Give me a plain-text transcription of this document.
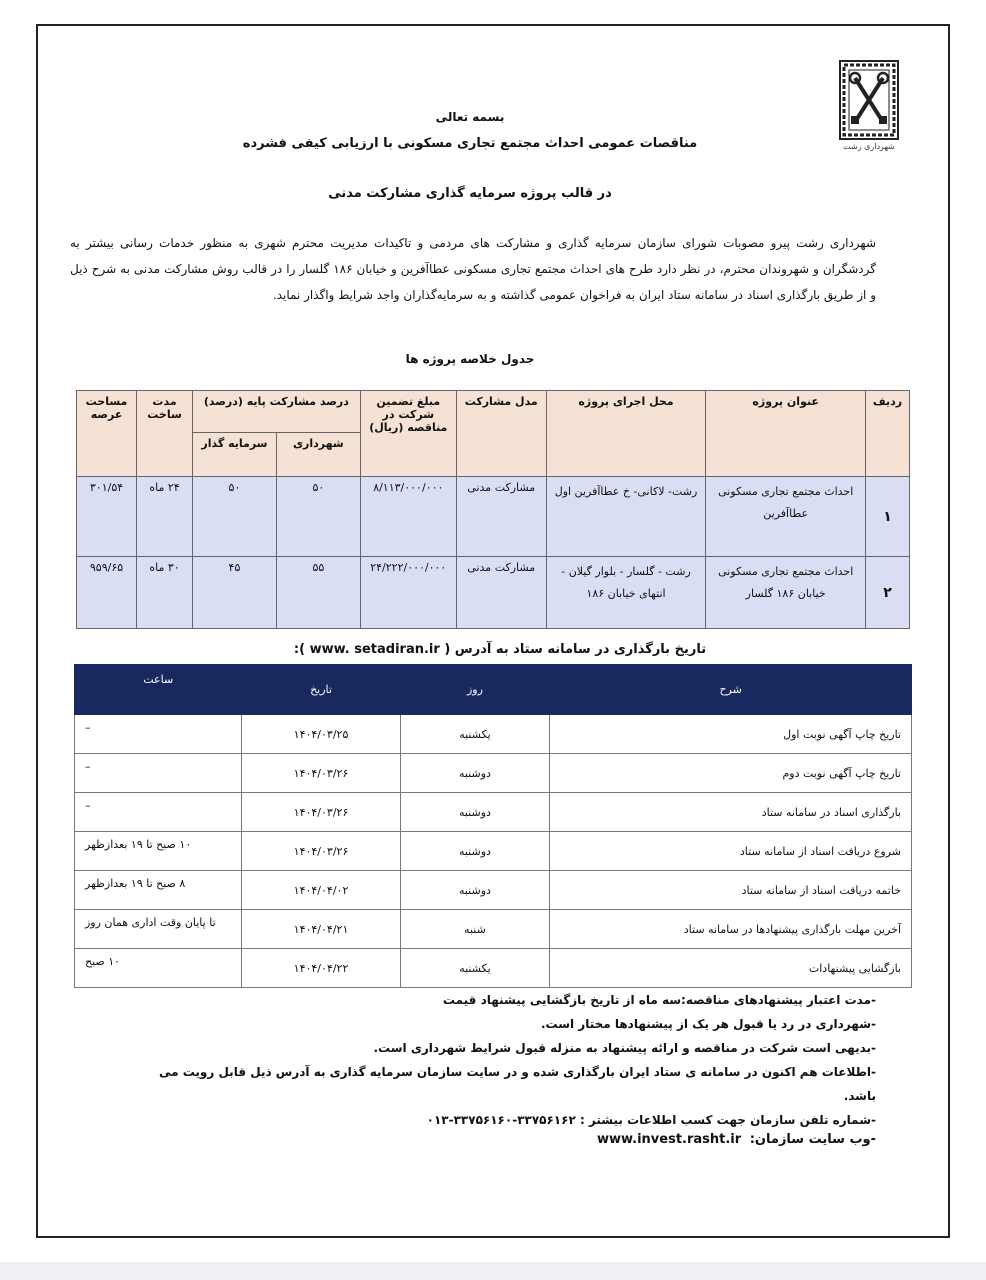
شهرداری رشت
بسمه تعالی
مناقصات عمومی احداث مجتمع تجاری مسکونی با ارزیابی کیفی فشرده
در قالب پروژه سرمایه گذاری مشارکت مدنی
شهرداری رشت پیرو مصوبات شورای سازمان سرمایه گذاری و مشارکت های مردمی و تاکیدات مدیریت محترم شهری به منظور خدمات رسانی بیشتر به گردشگران و شهروندان محترم، در نظر دارد طرح های احداث مجتمع تجاری مسکونی عطاآفرین و خیابان ۱۸۶ گلسار را در قالب روش مشارکت مدنی به شرح ذیل و از طریق بارگذاری اسناد در سامانه ستاد ایران به فراخوان عمومی گذاشته و به سرمایه‌گذاران واجد شرایط واگذار نماید.
جدول خلاصه پروژه ها
ردیف	عنوان پروژه	محل اجرای پروژه	مدل مشارکت	مبلغ تضمین شرکت در مناقصه (ریال)	درصد مشارکت پایه (درصد)		مدت ساخت	مساحت عرصه
					شهرداری	سرمایه گذار		
۱	احداث مجتمع تجاری مسکونی عطاآفرین	رشت- لاکانی- خ عطاآفرین اول	مشارکت مدنی	۸/۱۱۳/۰۰۰/۰۰۰	۵۰	۵۰	۲۴ ماه	۳۰۱/۵۴
۲	احداث مجتمع تجاری مسکونی خیابان ۱۸۶ گلسار	رشت - گلسار - بلوار گیلان - انتهای خیابان ۱۸۶	مشارکت مدنی	۲۴/۲۲۲/۰۰۰/۰۰۰	۵۵	۴۵	۳۰ ماه	۹۵۹/۶۵
تاریخ بارگذاری در سامانه ستاد به آدرس ( www. setadiran.ir ):
شرح	روز	تاریخ	ساعت
تاریخ چاپ آگهی نوبت اول	یکشنبه	۱۴۰۴/۰۳/۲۵	–
تاریخ چاپ آگهی نوبت دوم	دوشنبه	۱۴۰۴/۰۳/۲۶	–
بارگذاری اسناد در سامانه ستاد	دوشنبه	۱۴۰۴/۰۳/۲۶	–
شروع دریافت اسناد از سامانه ستاد	دوشنبه	۱۴۰۴/۰۳/۲۶	۱۰ صبح تا ۱۹ بعدازظهر
خاتمه دریافت اسناد از سامانه ستاد	دوشنبه	۱۴۰۴/۰۴/۰۲	۸ صبح تا ۱۹ بعدازظهر
آخرین مهلت بارگذاری پیشنهادها در سامانه ستاد	شنبه	۱۴۰۴/۰۴/۲۱	تا پایان وقت اداری همان روز
بازگشایی پیشنهادات	یکشنبه	۱۴۰۴/۰۴/۲۲	۱۰ صبح
-مدت اعتبار پیشنهادهای مناقصه:سه ماه از تاریخ بازگشایی پیشنهاد قیمت
-شهرداری در رد یا قبول هر یک از پیشنهادها مختار است.
-بدیهی است شرکت در مناقصه و ارائه پیشنهاد به منزله قبول شرایط شهرداری است.
-اطلاعات هم اکنون در سامانه ی ستاد ایران بارگذاری شده و در سایت سازمان سرمایه گذاری به آدرس ذیل قابل رویت می باشد.
-شماره تلفن سازمان جهت کسب اطلاعات بیشتر : ۳۳۷۵۶۱۶۲-۳۳۷۵۶۱۶۰-۰۱۳
-وب سایت سازمان: www.invest.rasht.ir
